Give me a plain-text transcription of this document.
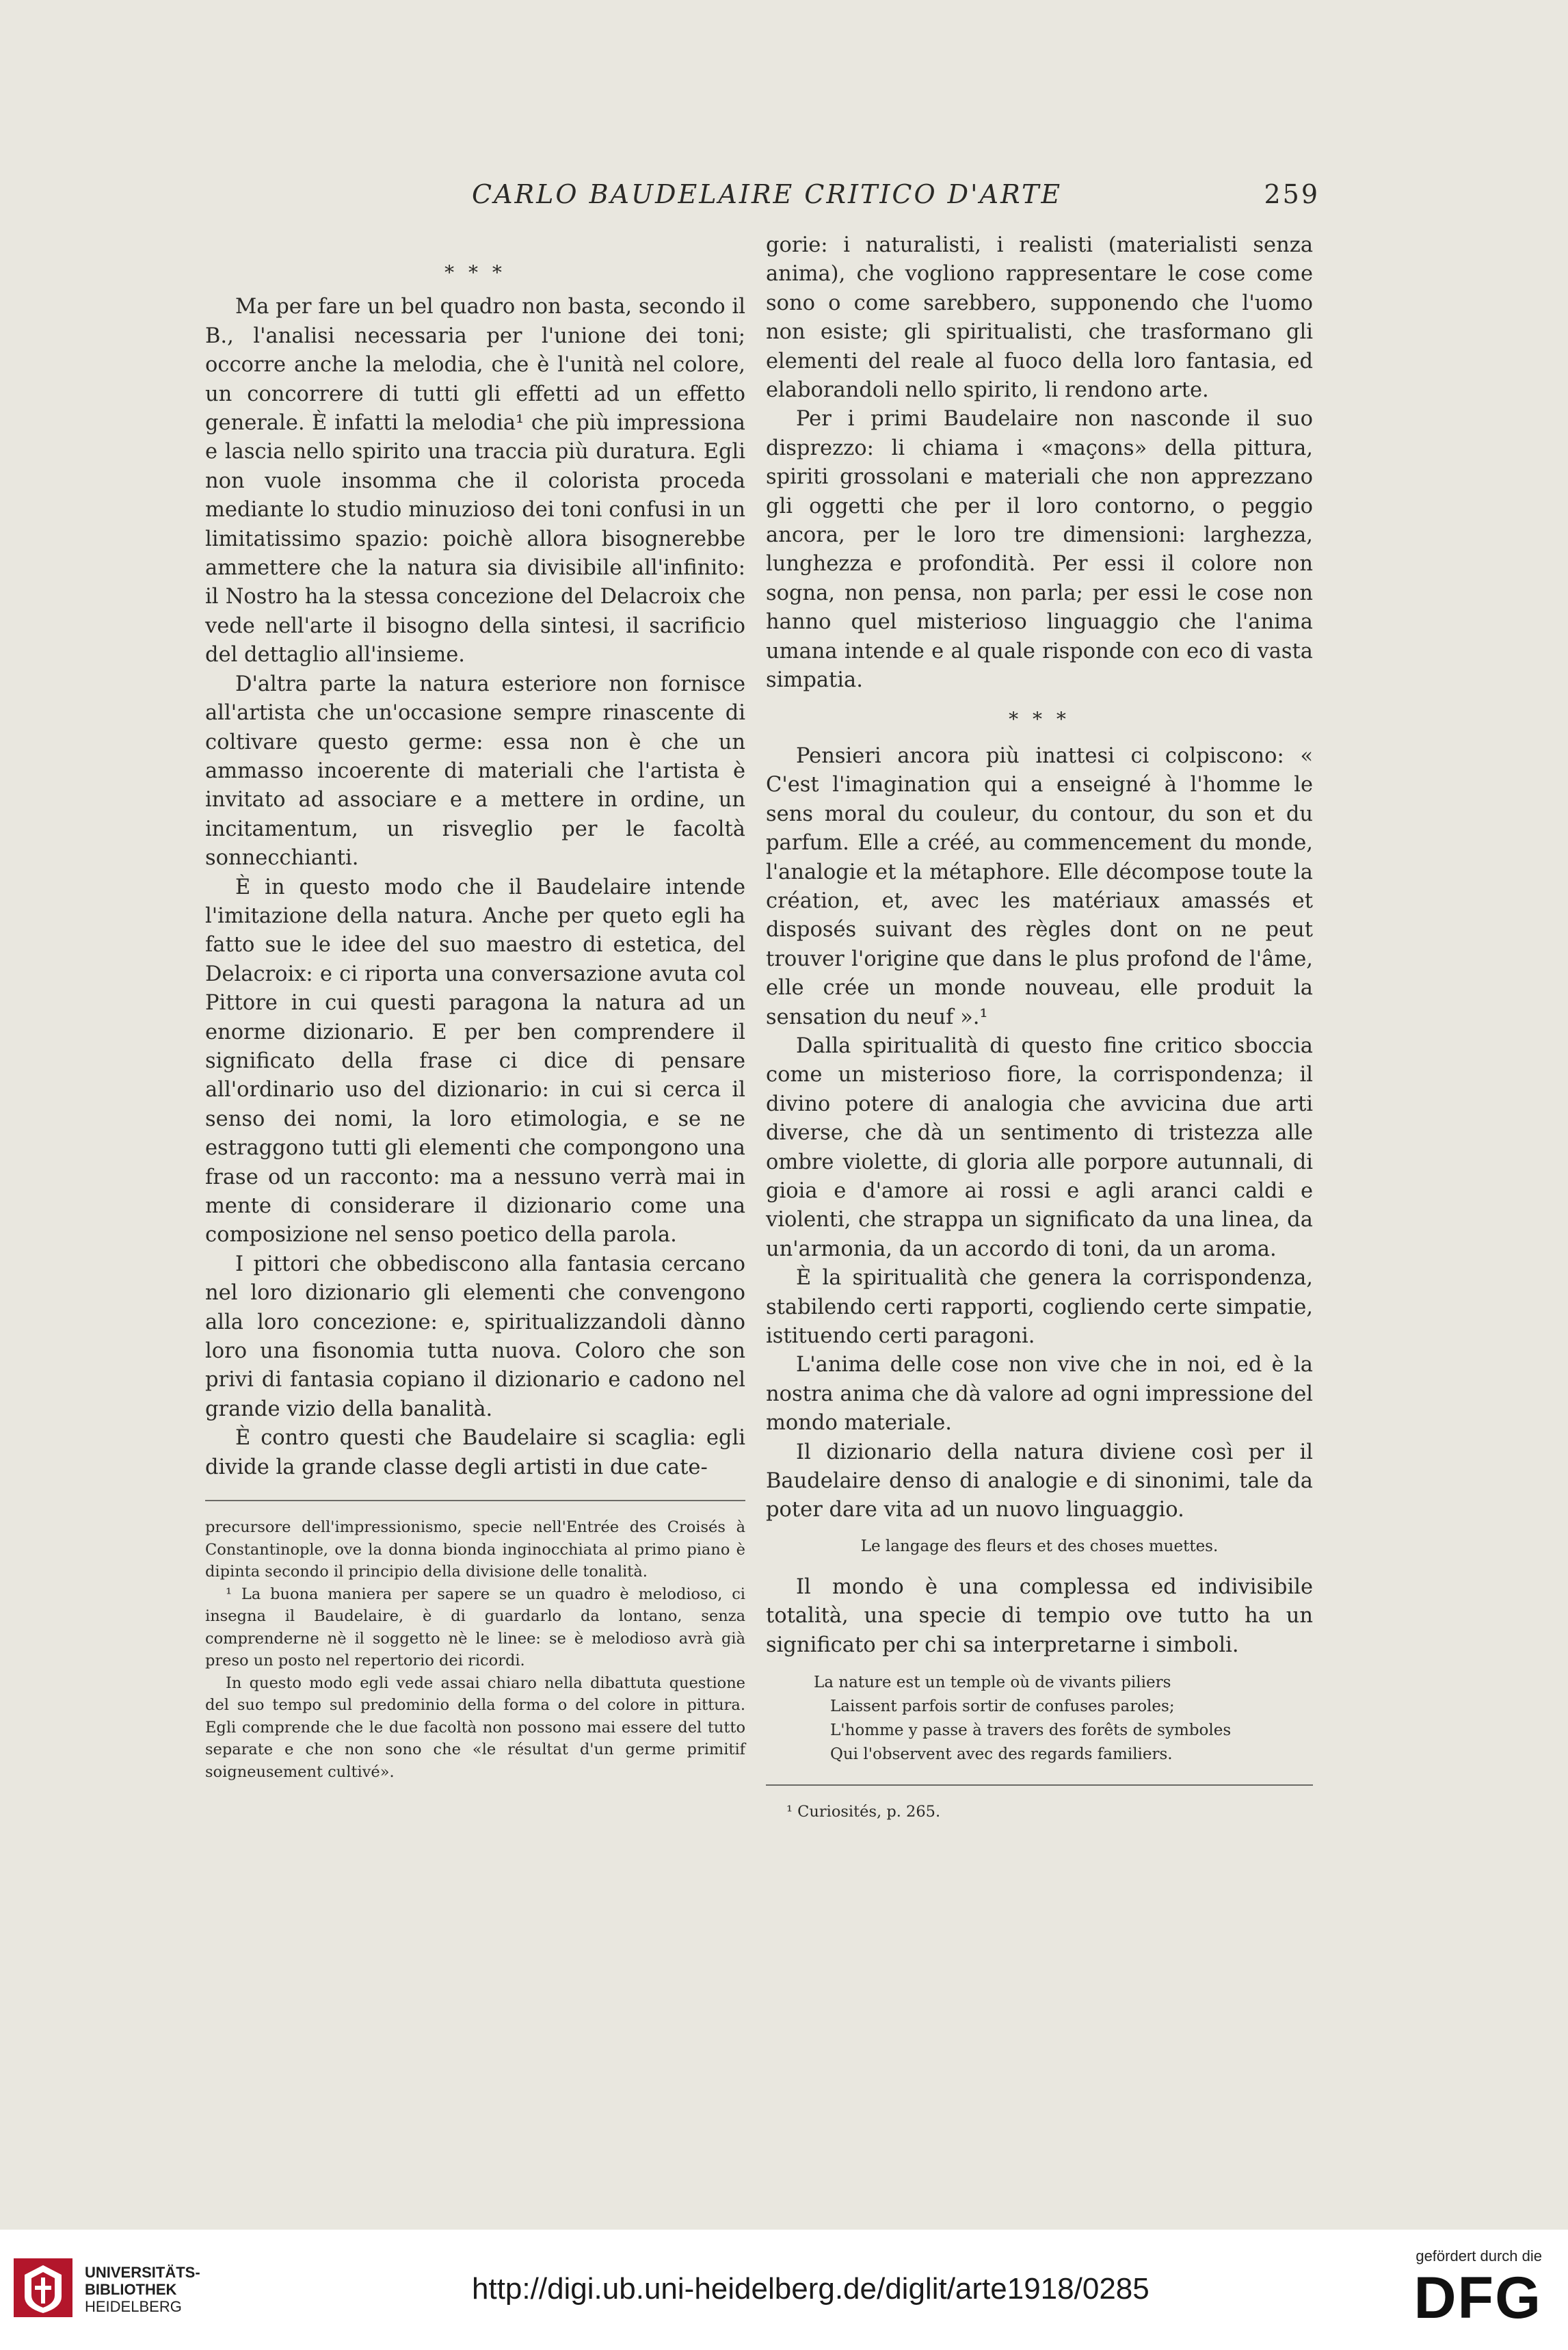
CARLO BAUDELAIRE CRITICO D'ARTE	259
* * *

Ma per fare un bel quadro non basta, secondo il B., l'analisi necessaria per l'unione dei toni; occorre anche la melodia, che è l'unità nel colore, un concorrere di tutti gli effetti ad un effetto generale. È infatti la melodia¹ che più impressiona e lascia nello spirito una traccia più duratura. Egli non vuole insomma che il colorista proceda mediante lo studio minuzioso dei toni confusi in un limitatissimo spazio: poichè allora bisognerebbe ammettere che la natura sia divisibile all'infinito: il Nostro ha la stessa concezione del Delacroix che vede nell'arte il bisogno della sintesi, il sacrificio del dettaglio all'insieme.

D'altra parte la natura esteriore non fornisce all'artista che un'occasione sempre rinascente di coltivare questo germe: essa non è che un ammasso incoerente di materiali che l'artista è invitato ad associare e a mettere in ordine, un incitamentum, un risveglio per le facoltà sonnecchianti.

È in questo modo che il Baudelaire intende l'imitazione della natura. Anche per queto egli ha fatto sue le idee del suo maestro di estetica, del Delacroix: e ci riporta una conversazione avuta col Pittore in cui questi paragona la natura ad un enorme dizionario. E per ben comprendere il significato della frase ci dice di pensare all'ordinario uso del dizionario: in cui si cerca il senso dei nomi, la loro etimologia, e se ne estraggono tutti gli elementi che compongono una frase od un racconto: ma a nessuno verrà mai in mente di considerare il dizionario come una composizione nel senso poetico della parola.

I pittori che obbediscono alla fantasia cercano nel loro dizionario gli elementi che convengono alla loro concezione: e, spiritualizzandoli dànno loro una fisonomia tutta nuova. Coloro che son privi di fantasia copiano il dizionario e cadono nel grande vizio della banalità.

È contro questi che Baudelaire si scaglia: egli divide la grande classe degli artisti in due cate-

precursore dell'impressionismo, specie nell'Entrée des Croisés à Constantinople, ove la donna bionda inginocchiata al primo piano è dipinta secondo il principio della divisione delle tonalità.

¹ La buona maniera per sapere se un quadro è melodioso, ci insegna il Baudelaire, è di guardarlo da lontano, senza comprenderne nè il soggetto nè le linee: se è melodioso avrà già preso un posto nel repertorio dei ricordi.

In questo modo egli vede assai chiaro nella dibattuta questione del suo tempo sul predominio della forma o del colore in pittura. Egli comprende che le due facoltà non possono mai essere del tutto separate e che non sono che «le résultat d'un germe primitif soigneusement cultivé».

gorie: i naturalisti, i realisti (materialisti senza anima), che vogliono rappresentare le cose come sono o come sarebbero, supponendo che l'uomo non esiste; gli spiritualisti, che trasformano gli elementi del reale al fuoco della loro fantasia, ed elaborandoli nello spirito, li rendono arte.

Per i primi Baudelaire non nasconde il suo disprezzo: li chiama i «maçons» della pittura, spiriti grossolani e materiali che non apprezzano gli oggetti che per il loro contorno, o peggio ancora, per le loro tre dimensioni: larghezza, lunghezza e profondità. Per essi il colore non sogna, non pensa, non parla; per essi le cose non hanno quel misterioso linguaggio che l'anima umana intende e al quale risponde con eco di vasta simpatia.

* * *

Pensieri ancora più inattesi ci colpiscono: « C'est l'imagination qui a enseigné à l'homme le sens moral du couleur, du contour, du son et du parfum. Elle a créé, au commencement du monde, l'analogie et la métaphore. Elle décompose toute la création, et, avec les matériaux amassés et disposés suivant des règles dont on ne peut trouver l'origine que dans le plus profond de l'âme, elle crée un monde nouveau, elle produit la sensation du neuf ».¹

Dalla spiritualità di questo fine critico sboccia come un misterioso fiore, la corrispondenza; il divino potere di analogia che avvicina due arti diverse, che dà un sentimento di tristezza alle ombre violette, di gloria alle porpore autunnali, di gioia e d'amore ai rossi e agli aranci caldi e violenti, che strappa un significato da una linea, da un'armonia, da un accordo di toni, da un aroma.

È la spiritualità che genera la corrispondenza, stabilendo certi rapporti, cogliendo certe simpatie, istituendo certi paragoni.

L'anima delle cose non vive che in noi, ed è la nostra anima che dà valore ad ogni impressione del mondo materiale.

Il dizionario della natura diviene così per il Baudelaire denso di analogie e di sinonimi, tale da poter dare vita ad un nuovo linguaggio.

Le langage des fleurs et des choses muettes.

Il mondo è una complessa ed indivisibile totalità, una specie di tempio ove tutto ha un significato per chi sa interpretarne i simboli.

La nature est un temple où de vivants piliers
Laissent parfois sortir de confuses paroles;
L'homme y passe à travers des forêts de symboles
Qui l'observent avec des regards familiers.

¹ Curiosités, p. 265.

UNIVERSITÄTS-
BIBLIOTHEK
HEIDELBERG
http://digi.ub.uni-heidelberg.de/diglit/arte1918/0285
gefördert durch die
DFG
